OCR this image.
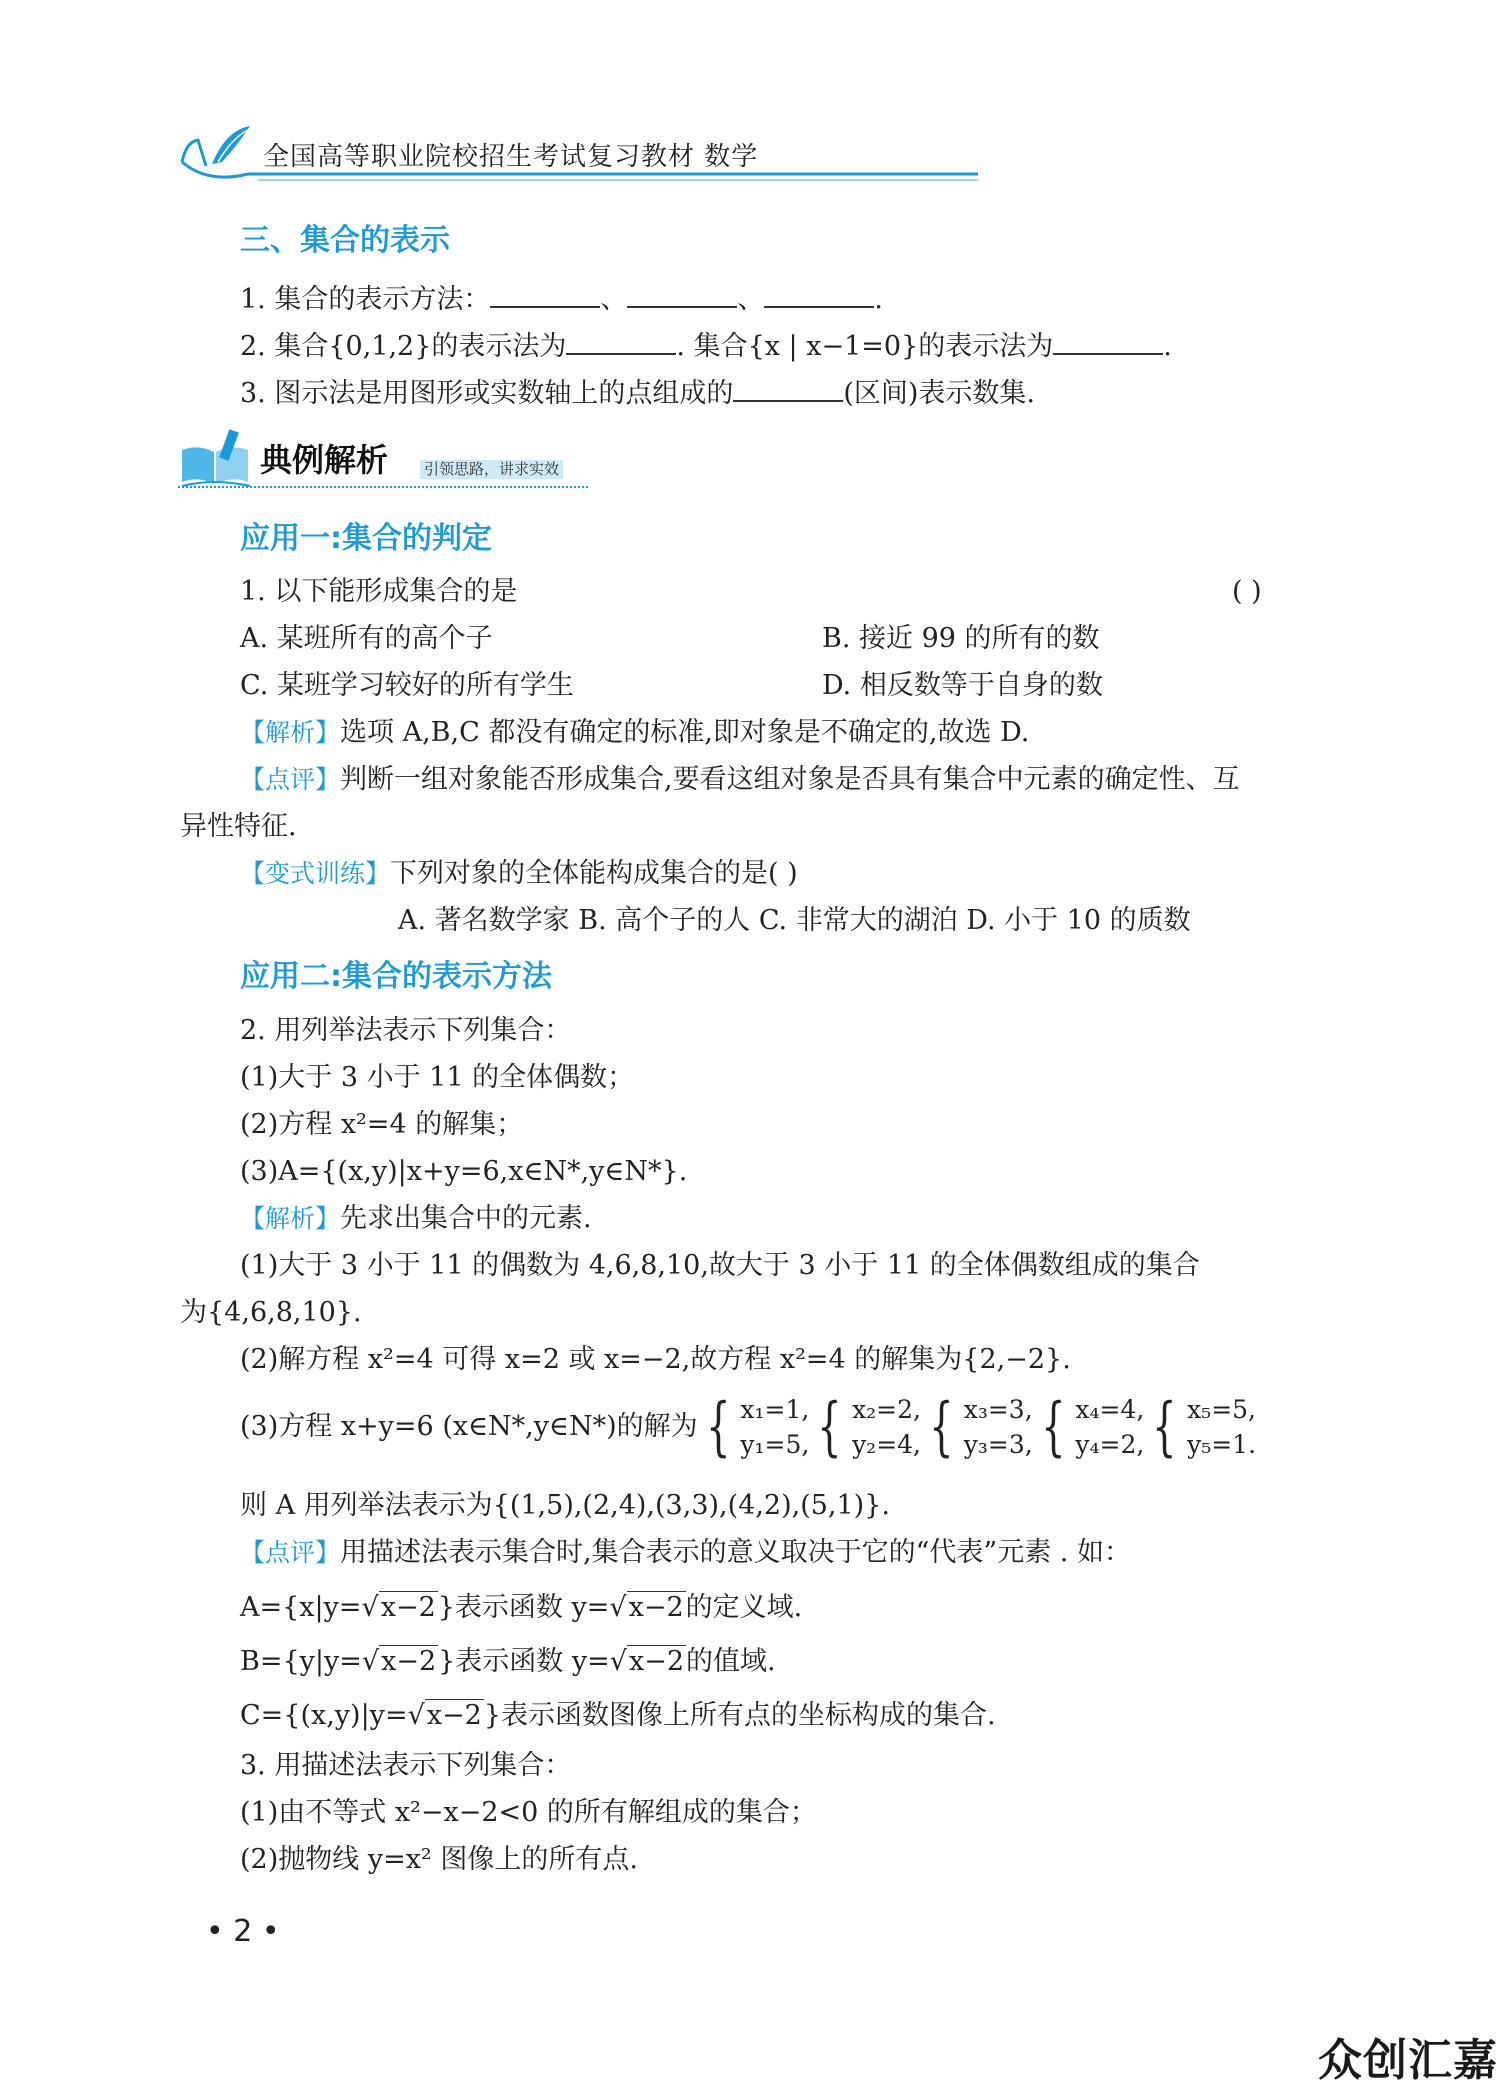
全国高等职业院校招生考试复习教材 数学
三、集合的表示
1. 集合的表示方法：	、	、	.
2. 集合{0,1,2}的表示法为	. 集合{x | x−1=0}的表示法为	.
3. 图示法是用图形或实数轴上的点组成的	(区间)表示数集.
典例解析 引领思路，讲求实效
应用一:集合的判定
1. 以下能形成集合的是	( )
A. 某班所有的高个子	B. 接近 99 的所有的数
C. 某班学习较好的所有学生	D. 相反数等于自身的数
【解析】选项 A,B,C 都没有确定的标准,即对象是不确定的,故选 D.
【点评】判断一组对象能否形成集合,要看这组对象是否具有集合中元素的确定性、互
异性特征.
【变式训练】下列对象的全体能构成集合的是( )
A. 著名数学家 B. 高个子的人 C. 非常大的湖泊 D. 小于 10 的质数
应用二:集合的表示方法
2. 用列举法表示下列集合：
(1)大于 3 小于 11 的全体偶数；
(2)方程 x²=4 的解集；
(3)A={(x,y)|x+y=6,x∈N*,y∈N*}.
【解析】先求出集合中的元素.
(1)大于 3 小于 11 的偶数为 4,6,8,10,故大于 3 小于 11 的全体偶数组成的集合
为{4,6,8,10}.
(2)解方程 x²=4 可得 x=2 或 x=−2,故方程 x²=4 的解集为{2,−2}.
(3)方程 x+y=6 (x∈N*,y∈N*)的解为 { x₁=1,
y₁=5, { x₂=2,
y₂=4, { x₃=3,
y₃=3, { x₄=4,
y₄=2, { x₅=5,
y₅=1.
则 A 用列举法表示为{(1,5),(2,4),(3,3),(4,2),(5,1)}.
【点评】用描述法表示集合时,集合表示的意义取决于它的“代表”元素 . 如：
A={x|y=√x−2}表示函数 y=√x−2的定义域.
B={y|y=√x−2}表示函数 y=√x−2的值域.
C={(x,y)|y=√x−2}表示函数图像上所有点的坐标构成的集合.
3. 用描述法表示下列集合：
(1)由不等式 x²−x−2<0 的所有解组成的集合；
(2)抛物线 y=x² 图像上的所有点.
• 2 •
众创汇嘉
